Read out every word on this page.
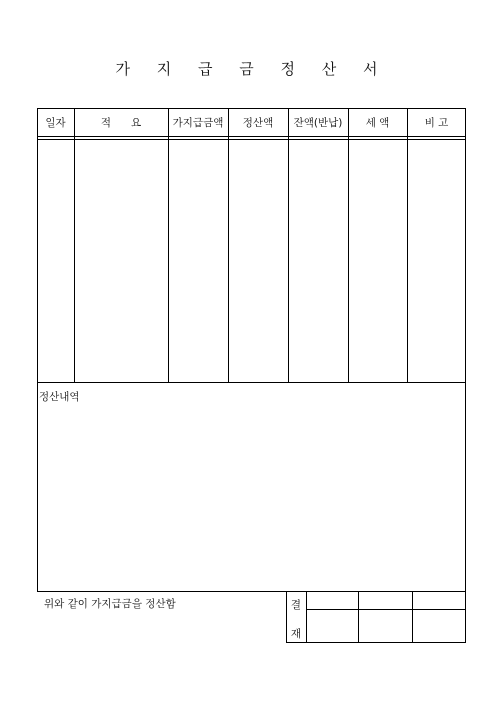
가 지 급 금 정 산 서
일자	적      요	가지급금액	정산액	잔액(반납)	세 액	비 고
정산내역
위와 같이 가지급금을 정산함	결
재
